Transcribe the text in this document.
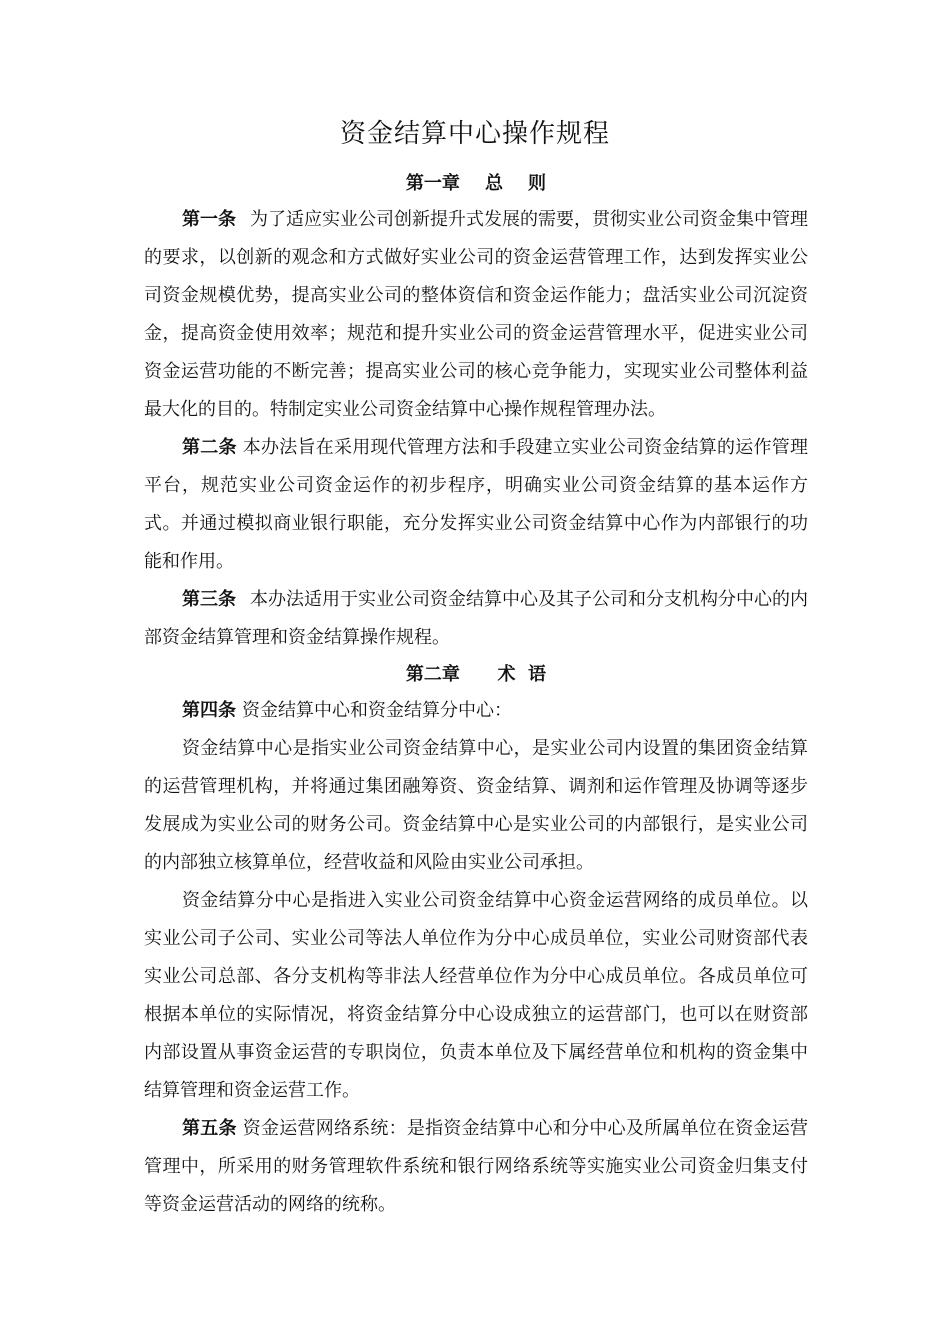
资金结算中心操作规程
第一章    总    则

第一条 为了适应实业公司创新提升式发展的需要，贯彻实业公司资金集中管理的要求，以创新的观念和方式做好实业公司的资金运营管理工作，达到发挥实业公司资金规模优势，提高实业公司的整体资信和资金运作能力；盘活实业公司沉淀资金，提高资金使用效率；规范和提升实业公司的资金运营管理水平，促进实业公司资金运营功能的不断完善；提高实业公司的核心竞争能力，实现实业公司整体利益最大化的目的。特制定实业公司资金结算中心操作规程管理办法。

第二条 本办法旨在采用现代管理方法和手段建立实业公司资金结算的运作管理平台，规范实业公司资金运作的初步程序，明确实业公司资金结算的基本运作方式。并通过模拟商业银行职能，充分发挥实业公司资金结算中心作为内部银行的功能和作用。

第三条 本办法适用于实业公司资金结算中心及其子公司和分支机构分中心的内部资金结算管理和资金结算操作规程。

第二章      术  语

第四条 资金结算中心和资金结算分中心：

资金结算中心是指实业公司资金结算中心，是实业公司内设置的集团资金结算的运营管理机构，并将通过集团融筹资、资金结算、调剂和运作管理及协调等逐步发展成为实业公司的财务公司。资金结算中心是实业公司的内部银行，是实业公司的内部独立核算单位，经营收益和风险由实业公司承担。

资金结算分中心是指进入实业公司资金结算中心资金运营网络的成员单位。以实业公司子公司、实业公司等法人单位作为分中心成员单位，实业公司财资部代表实业公司总部、各分支机构等非法人经营单位作为分中心成员单位。各成员单位可根据本单位的实际情况，将资金结算分中心设成独立的运营部门，也可以在财资部内部设置从事资金运营的专职岗位，负责本单位及下属经营单位和机构的资金集中结算管理和资金运营工作。

第五条 资金运营网络系统：是指资金结算中心和分中心及所属单位在资金运营管理中，所采用的财务管理软件系统和银行网络系统等实施实业公司资金归集支付等资金运营活动的网络的统称。
